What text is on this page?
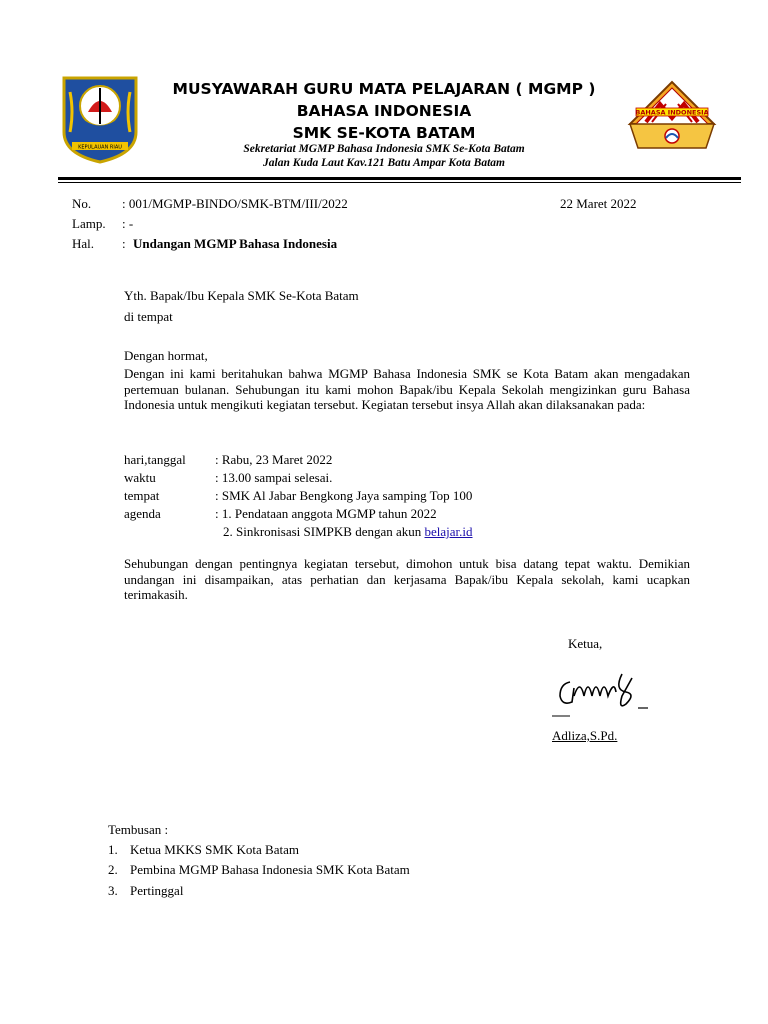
KEPULAUAN RIAU
BAHASA INDONESIA
MUSYAWARAH GURU MATA PELAJARAN ( MGMP )
BAHASA INDONESIA
SMK SE-KOTA BATAM
Sekretariat MGMP Bahasa Indonesia SMK Se-Kota Batam
Jalan Kuda Laut Kav.121 Batu Ampar Kota Batam
No. : 001/MGMP-BINDO/SMK-BTM/III/2022	22 Maret 2022
Lamp. : -
Hal. : Undangan MGMP Bahasa Indonesia
Yth. Bapak/Ibu Kepala SMK Se-Kota Batam
di tempat
Dengan hormat,
Dengan ini kami beritahukan bahwa MGMP Bahasa Indonesia SMK se Kota Batam akan mengadakan pertemuan bulanan. Sehubungan itu kami mohon Bapak/ibu Kepala Sekolah mengizinkan guru Bahasa Indonesia untuk mengikuti kegiatan tersebut. Kegiatan tersebut insya Allah akan dilaksanakan pada:
hari,tanggal : Rabu, 23 Maret 2022
waktu	: 13.00 sampai selesai.
tempat	: SMK Al Jabar Bengkong Jaya samping Top 100
agenda	: 1. Pendataan anggota MGMP tahun 2022
2. Sinkronisasi SIMPKB dengan akun belajar.id
Sehubungan dengan pentingnya kegiatan tersebut, dimohon untuk bisa datang tepat waktu. Demikian undangan ini disampaikan, atas perhatian dan kerjasama Bapak/ibu Kepala sekolah, kami ucapkan terimakasih.
Ketua,
Adliza,S.Pd.
Tembusan :
1. Ketua MKKS SMK Kota Batam
2. Pembina MGMP Bahasa Indonesia SMK Kota Batam
3. Pertinggal
